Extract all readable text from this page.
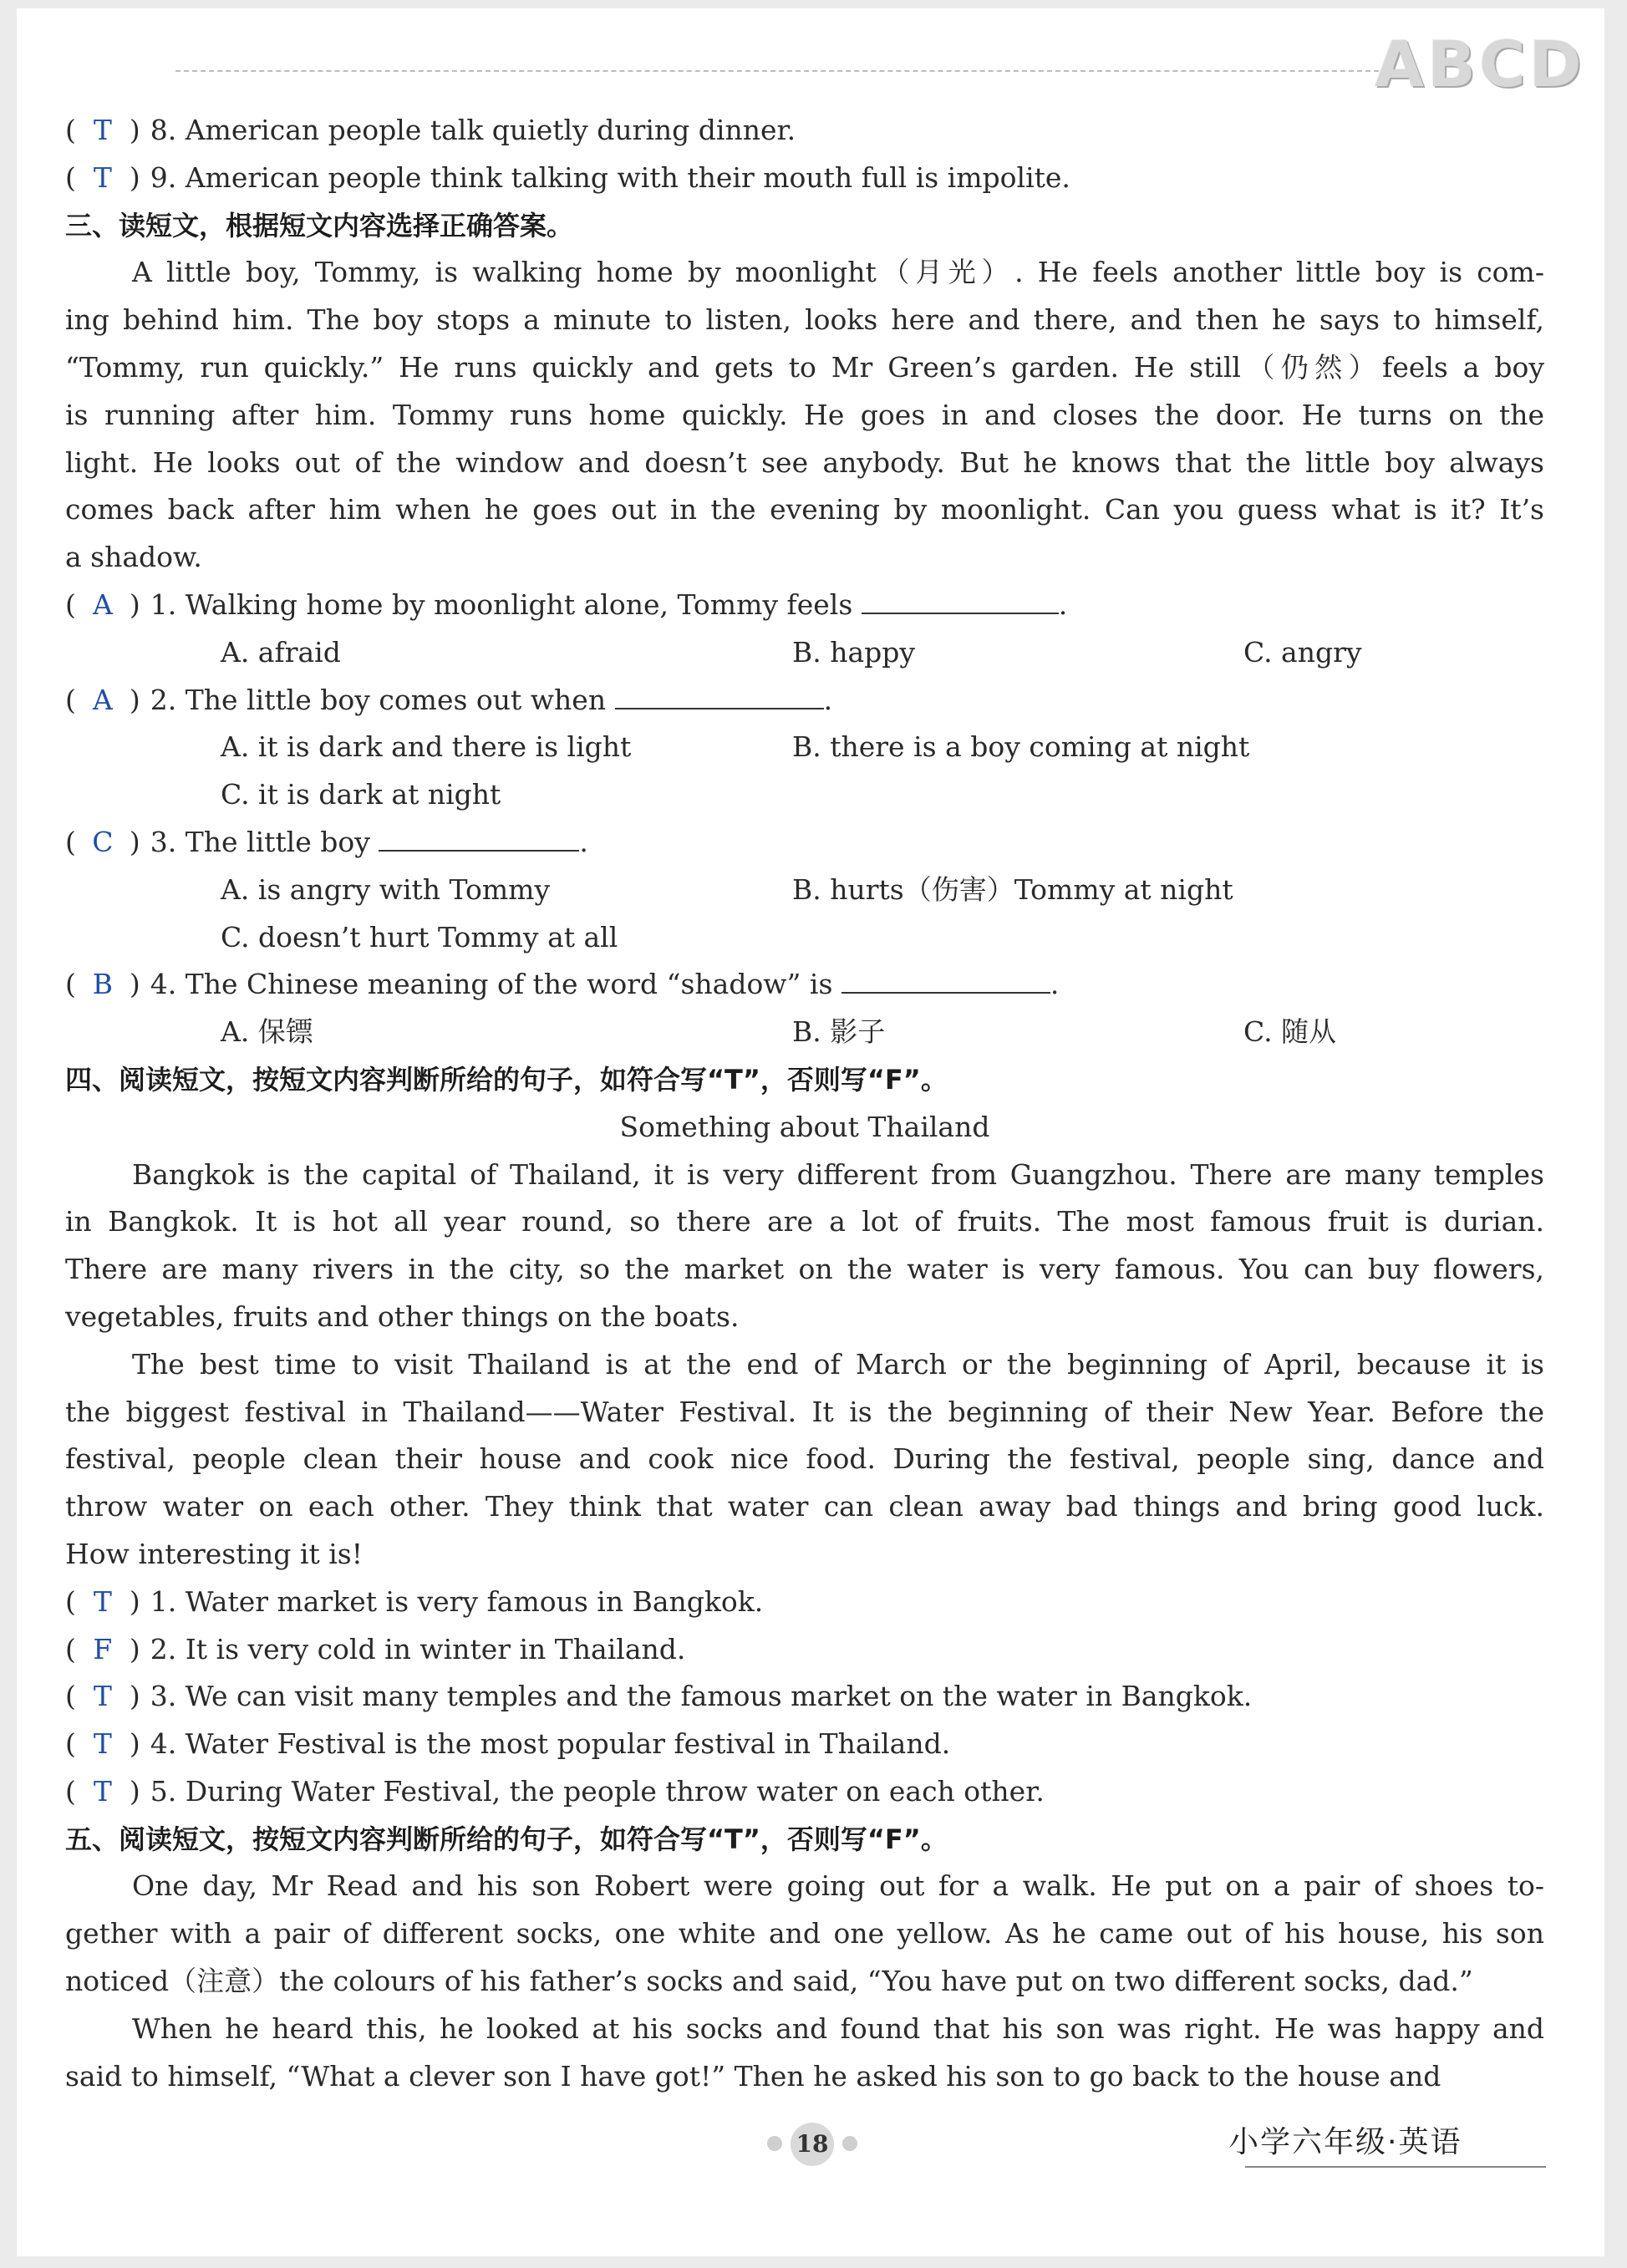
ABCD
( T ) 8. American people talk quietly during dinner.
( T ) 9. American people think talking with their mouth full is impolite.
三、读短文，根据短文内容选择正确答案。
A little boy, Tommy, is walking home by moonlight（月光）. He feels another little boy is com-
ing behind him. The boy stops a minute to listen, looks here and there, and then he says to himself,
“Tommy, run quickly.” He runs quickly and gets to Mr Green’s garden. He still（仍然）feels a boy
is running after him. Tommy runs home quickly. He goes in and closes the door. He turns on the
light. He looks out of the window and doesn’t see anybody. But he knows that the little boy always
comes back after him when he goes out in the evening by moonlight. Can you guess what is it? It’s
a shadow.
( A ) 1. Walking home by moonlight alone, Tommy feels	.
A. afraid	B. happy	C. angry
( A ) 2. The little boy comes out when	.
A. it is dark and there is light	B. there is a boy coming at night
C. it is dark at night
( C ) 3. The little boy	.
A. is angry with Tommy	B. hurts（伤害）Tommy at night
C. doesn’t hurt Tommy at all
( B ) 4. The Chinese meaning of the word “shadow” is	.
A. 保镖	B. 影子	C. 随从
四、阅读短文，按短文内容判断所给的句子，如符合写“T”，否则写“F”。
Something about Thailand
Bangkok is the capital of Thailand, it is very different from Guangzhou. There are many temples
in Bangkok. It is hot all year round, so there are a lot of fruits. The most famous fruit is durian.
There are many rivers in the city, so the market on the water is very famous. You can buy flowers,
vegetables, fruits and other things on the boats.
The best time to visit Thailand is at the end of March or the beginning of April, because it is
the biggest festival in Thailand——Water Festival. It is the beginning of their New Year. Before the
festival, people clean their house and cook nice food. During the festival, people sing, dance and
throw water on each other. They think that water can clean away bad things and bring good luck.
How interesting it is!
( T ) 1. Water market is very famous in Bangkok.
( F ) 2. It is very cold in winter in Thailand.
( T ) 3. We can visit many temples and the famous market on the water in Bangkok.
( T ) 4. Water Festival is the most popular festival in Thailand.
( T ) 5. During Water Festival, the people throw water on each other.
五、阅读短文，按短文内容判断所给的句子，如符合写“T”，否则写“F”。
One day, Mr Read and his son Robert were going out for a walk. He put on a pair of shoes to-
gether with a pair of different socks, one white and one yellow. As he came out of his house, his son
noticed（注意）the colours of his father’s socks and said, “You have put on two different socks, dad.”
When he heard this, he looked at his socks and found that his son was right. He was happy and
said to himself, “What a clever son I have got!” Then he asked his son to go back to the house and
18	小学六年级·英语
